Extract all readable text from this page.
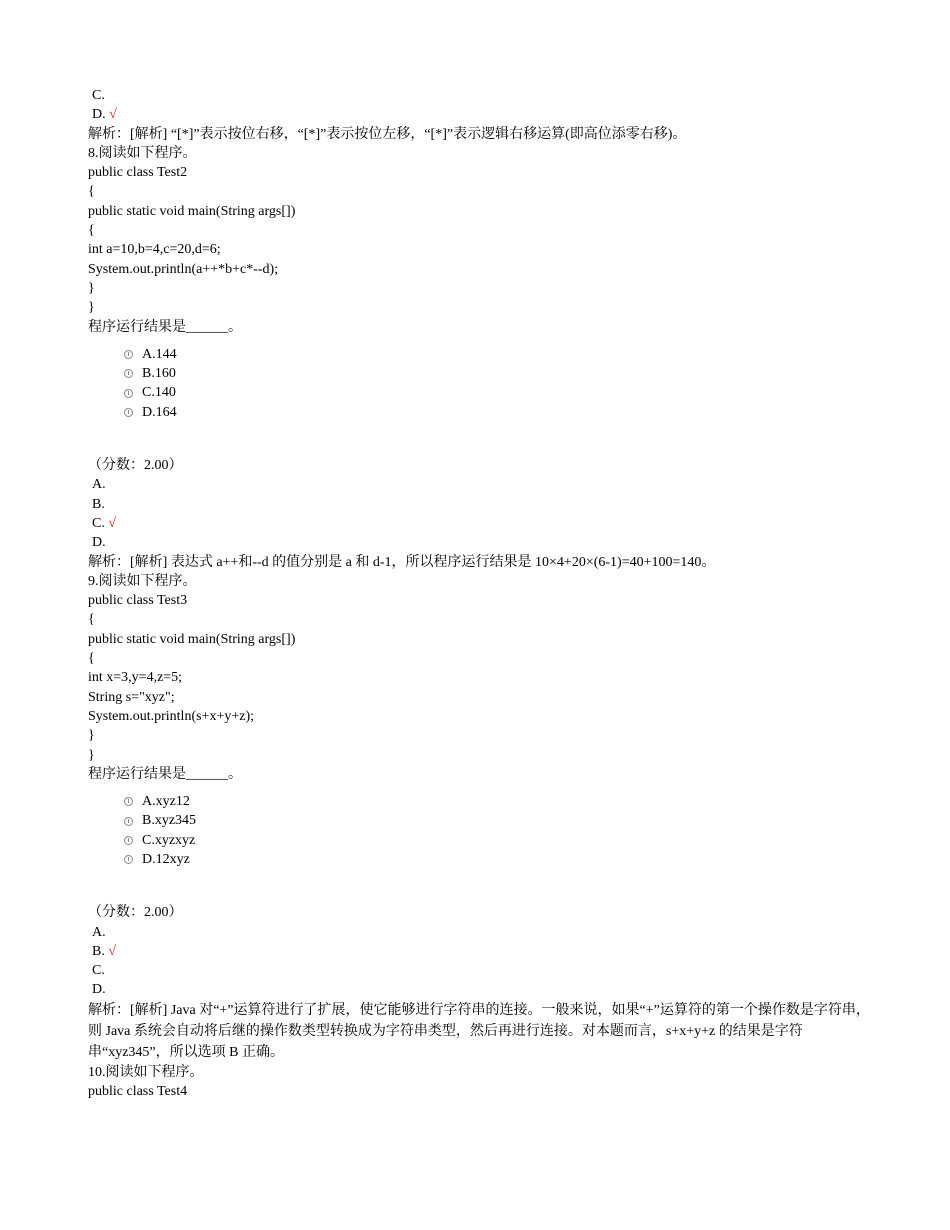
C.
D. √
解析：[解析] “[*]”表示按位右移，“[*]”表示按位左移，“[*]”表示逻辑右移运算(即高位添零右移)。
8.阅读如下程序。
public class Test2
{
public static void main(String args[])
{
int a=10,b=4,c=20,d=6;
System.out.println(a++*b+c*--d);
}
}
程序运行结果是______。
A.144
B.160
C.140
D.164
（分数：2.00）
A.
B.
C. √
D.
解析：[解析] 表达式 a++和--d 的值分别是 a 和 d-1，所以程序运行结果是 10×4+20×(6-1)=40+100=140。
9.阅读如下程序。
public class Test3
{
public static void main(String args[])
{
int x=3,y=4,z=5;
String s="xyz";
System.out.println(s+x+y+z);
}
}
程序运行结果是______。
A.xyz12
B.xyz345
C.xyzxyz
D.12xyz
（分数：2.00）
A.
B. √
C.
D.
解析：[解析] Java 对“+”运算符进行了扩展，使它能够进行字符串的连接。一般来说，如果“+”运算符的第一个操作数是字符串，则 Java 系统会自动将后继的操作数类型转换成为字符串类型，然后再进行连接。对本题而言，s+x+y+z 的结果是字符串“xyz345”，所以选项 B 正确。
10.阅读如下程序。
public class Test4
